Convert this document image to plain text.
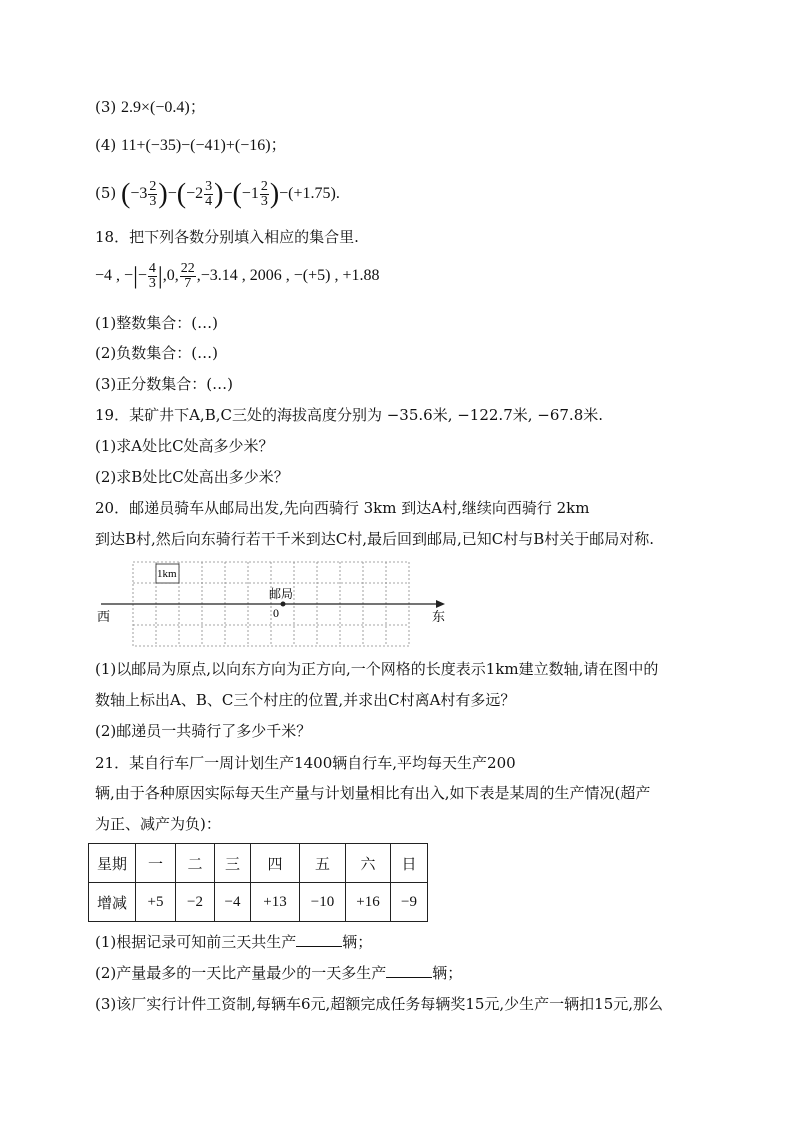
(3) 2.9×(−0.4)；
(4) 11+(−35)−(−41)+(−16)；
(5) $(-3 \frac{2}{3} )-(-2 \frac{3}{4} )-(-1 \frac{2}{3} )-(+1.75)$.
18．把下列各数分别填入相应的集合里.
−4 , −|− $\frac{4}{3} |,0$, $\frac{22}{7} ,-3.14$ , 2006 , −(+5) , +1.88
(1)整数集合：(…)
(2)负数集合：(…)
(3)正分数集合：(…)
19．某矿井下A,B,C三处的海拔高度分别为 −35.6米, −122.7米, −67.8米.
(1)求A处比C处高多少米？
(2)求B处比C处高出多少米？
20．邮递员骑车从邮局出发,先向西骑行 3km 到达A村,继续向西骑行 2km
到达B村,然后向东骑行若干千米到达C村,最后回到邮局,已知C村与B村关于邮局对称.
1km
邮局
0
西	东
(1)以邮局为原点,以向东方向为正方向,一个网格的长度表示1km建立数轴,请在图中的
数轴上标出A、B、C三个村庄的位置,并求出C村离A村有多远？
(2)邮递员一共骑行了多少千米？
21．某自行车厂一周计划生产1400辆自行车,平均每天生产200
辆,由于各种原因实际每天生产量与计划量相比有出入,如下表是某周的生产情况(超产
为正、减产为负)：
星期	一	二	三	四	五	六	日
增减	+5	−2	−4	+13	−10	+16	−9
(1)根据记录可知前三天共生产	辆；
(2)产量最多的一天比产量最少的一天多生产	辆；
(3)该厂实行计件工资制,每辆车6元,超额完成任务每辆奖15元,少生产一辆扣15元,那么
